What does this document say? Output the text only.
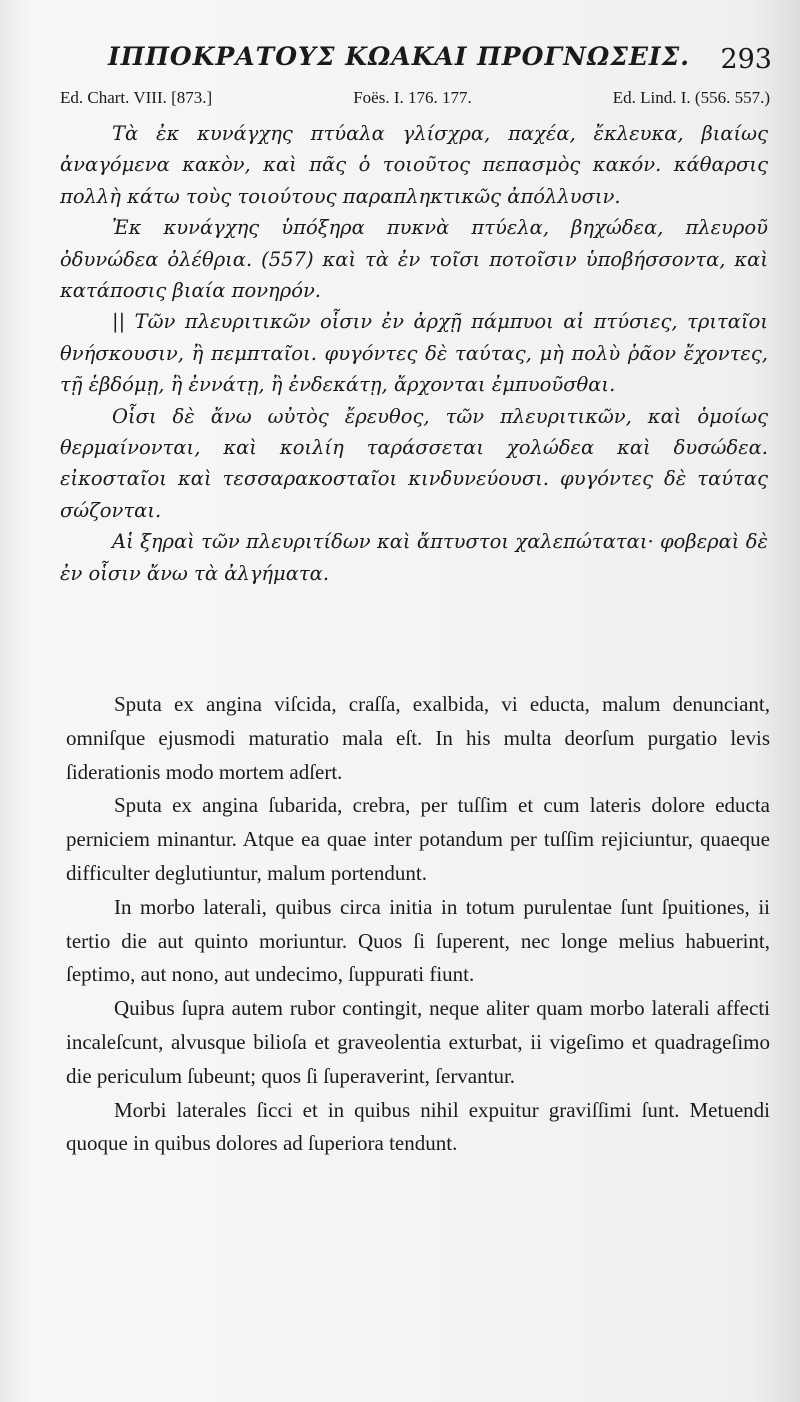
ΙΠΠΟΚΡΑΤΟΥΣ ΚΩΑΚΑΙ ΠΡΟΓΝΩΣΕΙΣ. 293
Ed. Chart. VIII. [873.]	Foës. I. 176. 177.	Ed. Lind. I. (556. 557.)

Τὰ ἐκ κυνάγχης πτύαλα γλίσχρα, παχέα, ἔκλευκα, βιαίως ἀναγόμενα κακὸν, καὶ πᾶς ὁ τοιοῦτος πεπασμὸς κακόν. κάθαρσις πολλὴ κάτω τοὺς τοιούτους παραπληκτικῶς ἀπόλλυσιν.

Ἐκ κυνάγχης ὑπόξηρα πυκνὰ πτύελα, βηχώδεα, πλευροῦ ὀδυνώδεα ὀλέθρια. (557) καὶ τὰ ἐν τοῖσι ποτοῖσιν ὑποβήσσοντα, καὶ κατάποσις βιαία πονηρόν.

|| Τῶν πλευριτικῶν οἷσιν ἐν ἀρχῇ πάμπυοι αἱ πτύσιες, τριταῖοι θνήσκουσιν, ἢ πεμπταῖοι. φυγόντες δὲ ταύτας, μὴ πολὺ ῥᾶον ἔχοντες, τῇ ἑβδόμῃ, ἢ ἐννάτῃ, ἢ ἐνδεκάτῃ, ἄρχονται ἐμπυοῦσθαι.

Οἷσι δὲ ἄνω ωὐτὸς ἔρευθος, τῶν πλευριτικῶν, καὶ ὁμοίως θερμαίνονται, καὶ κοιλίη ταράσσεται χολώδεα καὶ δυσώδεα. εἰκοσταῖοι καὶ τεσσαρακοσταῖοι κινδυνεύουσι. φυγόντες δὲ ταύτας σώζονται.

Αἱ ξηραὶ τῶν πλευριτίδων καὶ ἄπτυστοι χαλεπώταται· φοβεραὶ δὲ ἐν οἷσιν ἄνω τὰ ἀλγήματα.

Sputa ex angina viſcida, craſſa, exalbida, vi educta, malum denunciant, omniſque ejusmodi maturatio mala eſt. In his multa deorſum purgatio levis ſiderationis modo mortem adſert.

Sputa ex angina ſubarida, crebra, per tuſſim et cum lateris dolore educta perniciem minantur. Atque ea quae inter potandum per tuſſim rejiciuntur, quaeque difficulter deglutiuntur, malum portendunt.

In morbo laterali, quibus circa initia in totum purulentae ſunt ſpuitiones, ii tertio die aut quinto moriuntur. Quos ſi ſuperent, nec longe melius habuerint, ſeptimo, aut nono, aut undecimo, ſuppurati fiunt.

Quibus ſupra autem rubor contingit, neque aliter quam morbo laterali affecti incaleſcunt, alvusque bilioſa et graveolentia exturbat, ii vigeſimo et quadrageſimo die periculum ſubeunt; quos ſi ſuperaverint, ſervantur.

Morbi laterales ſicci et in quibus nihil expuitur graviſſimi ſunt. Metuendi quoque in quibus dolores ad ſuperiora tendunt.
